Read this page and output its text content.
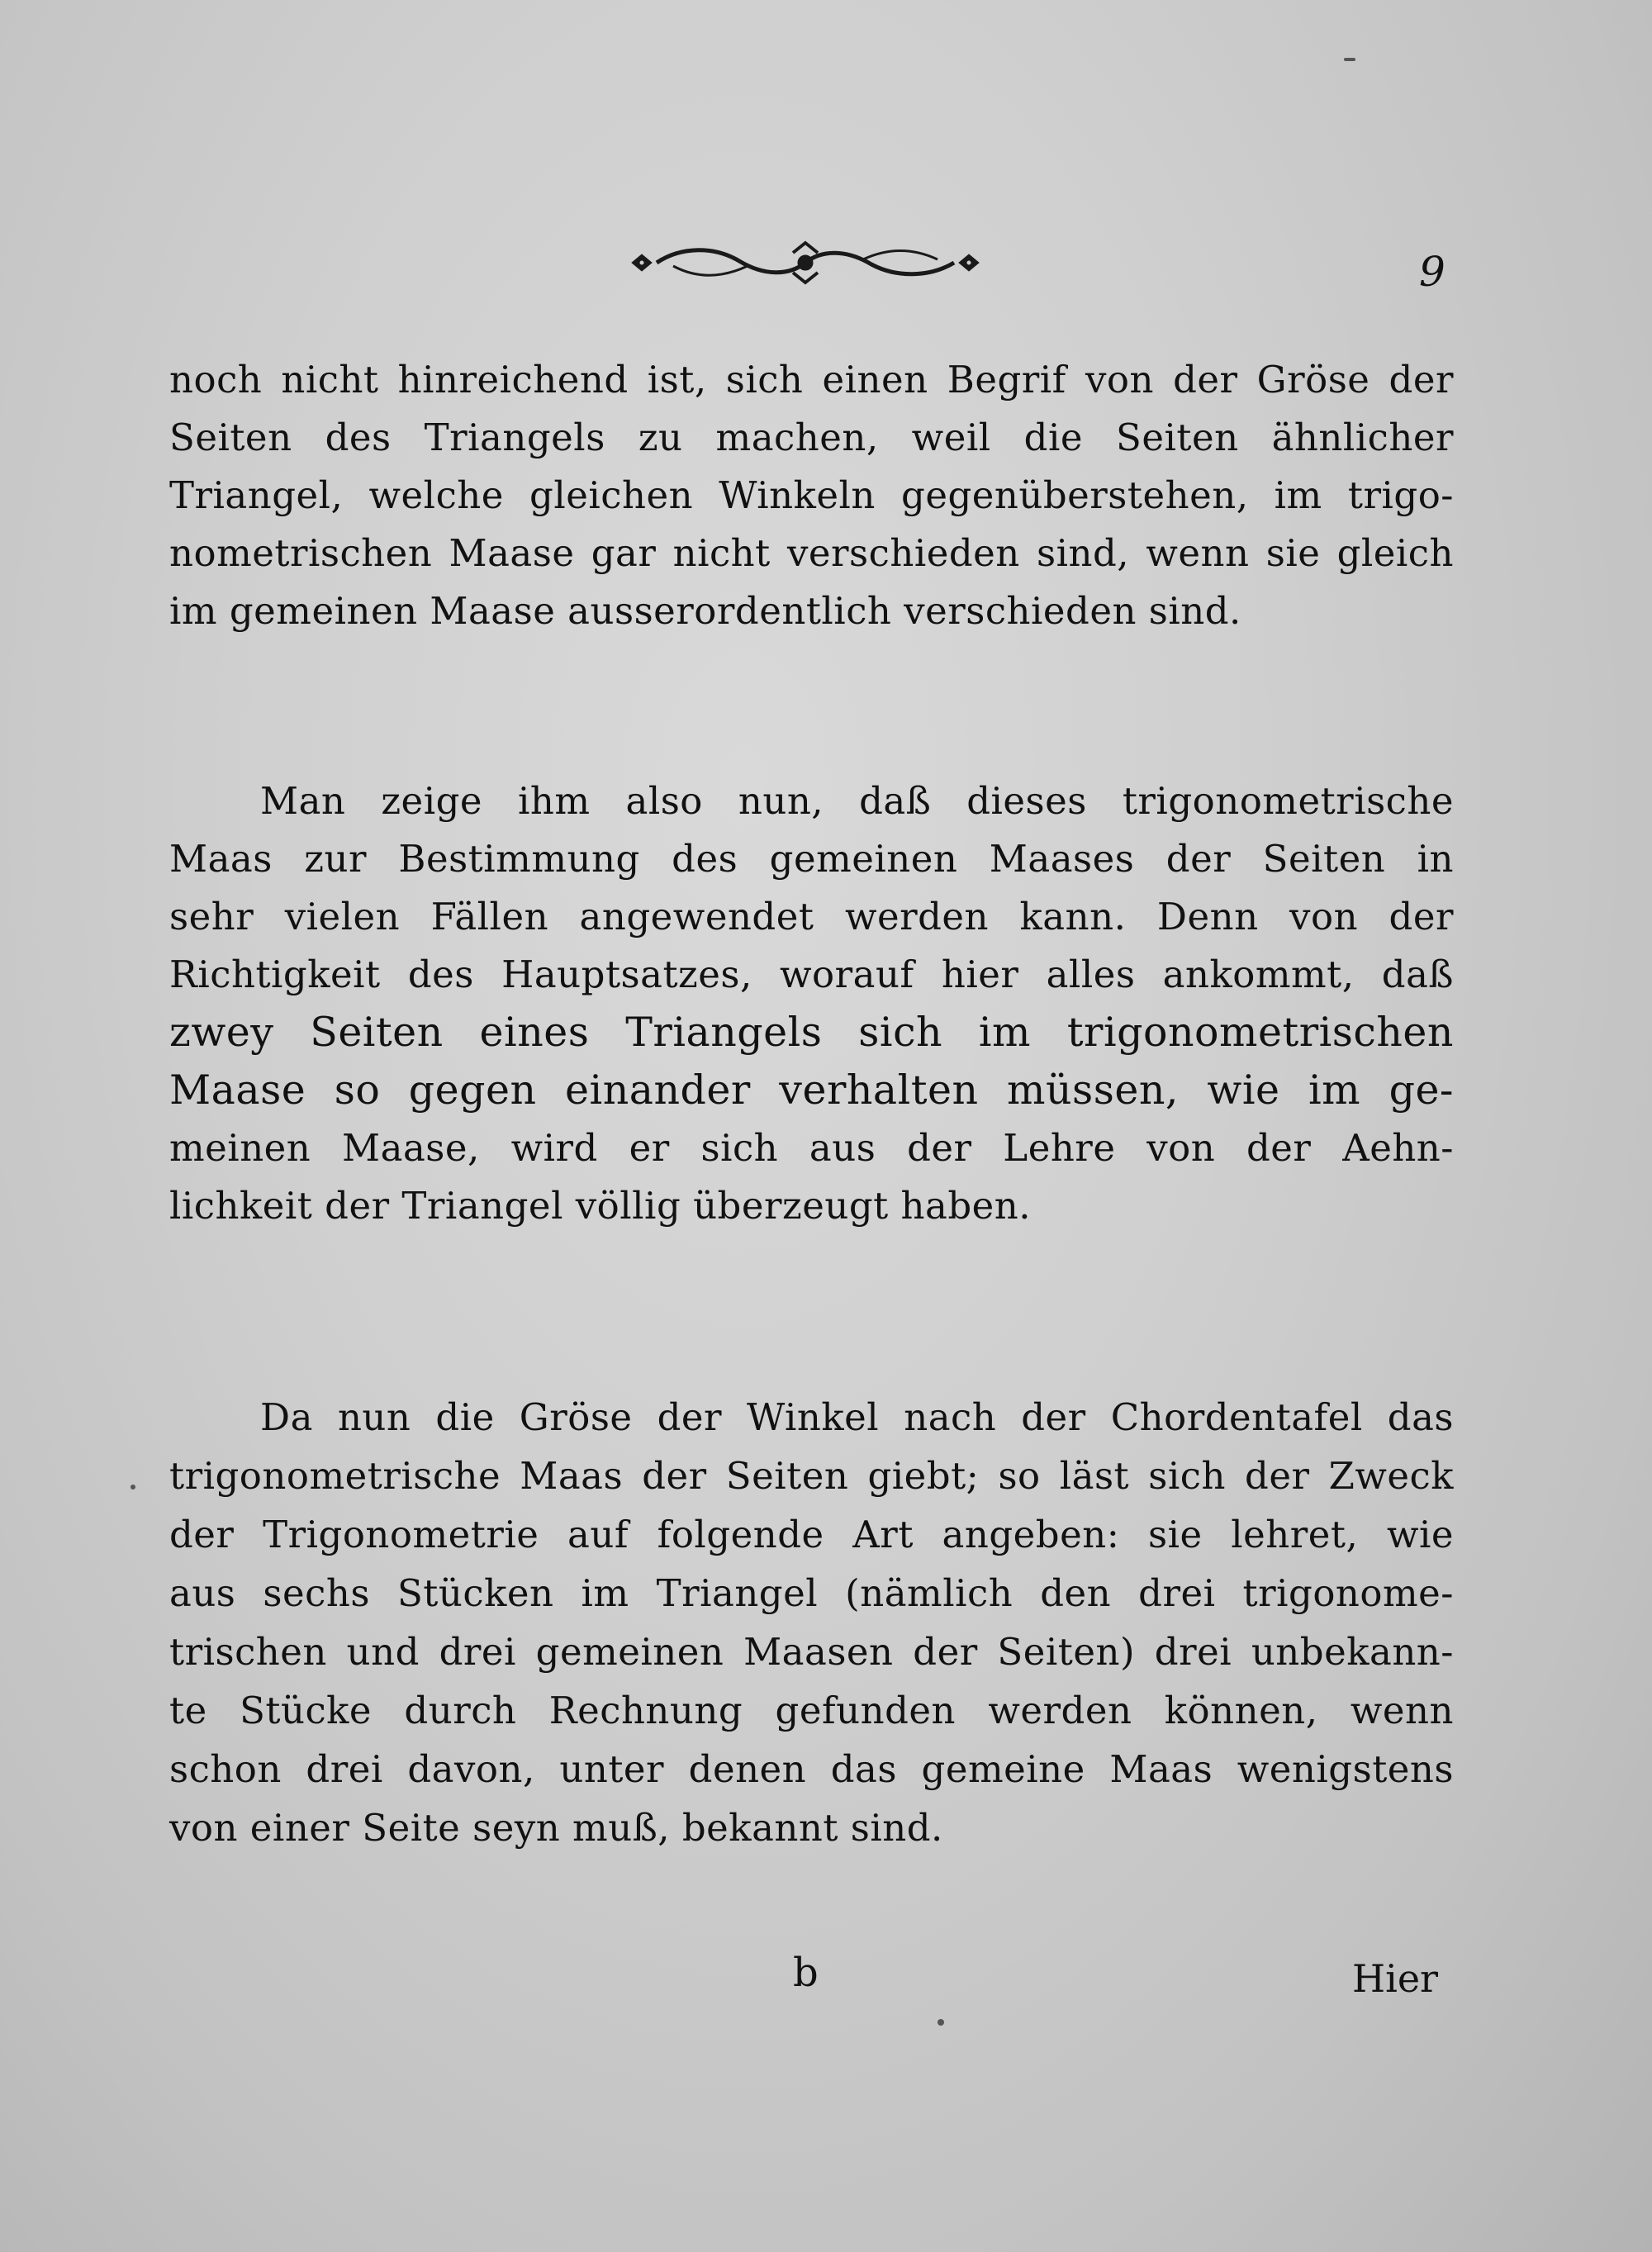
9
noch nicht hinreichend ist, sich einen Begrif von der Gröse der
Seiten des Triangels zu machen, weil die Seiten ähnlicher
Triangel, welche gleichen Winkeln gegenüberstehen, im trigo-
nometrischen Maase gar nicht verschieden sind, wenn sie gleich
im gemeinen Maase ausserordentlich verschieden sind.
Man zeige ihm also nun, daß dieses trigonometrische
Maas zur Bestimmung des gemeinen Maases der Seiten in
sehr vielen Fällen angewendet werden kann. Denn von der
Richtigkeit des Hauptsatzes, worauf hier alles ankommt, daß
zwey Seiten eines Triangels sich im trigonometrischen
Maase so gegen einander verhalten müssen, wie im ge-
meinen Maase, wird er sich aus der Lehre von der Aehn-
lichkeit der Triangel völlig überzeugt haben.
Da nun die Gröse der Winkel nach der Chordentafel das
trigonometrische Maas der Seiten giebt; so läst sich der Zweck
der Trigonometrie auf folgende Art angeben: sie lehret, wie
aus sechs Stücken im Triangel (nämlich den drei trigonome-
trischen und drei gemeinen Maasen der Seiten) drei unbekann-
te Stücke durch Rechnung gefunden werden können, wenn
schon drei davon, unter denen das gemeine Maas wenigstens
von einer Seite seyn muß, bekannt sind.
b	Hier
